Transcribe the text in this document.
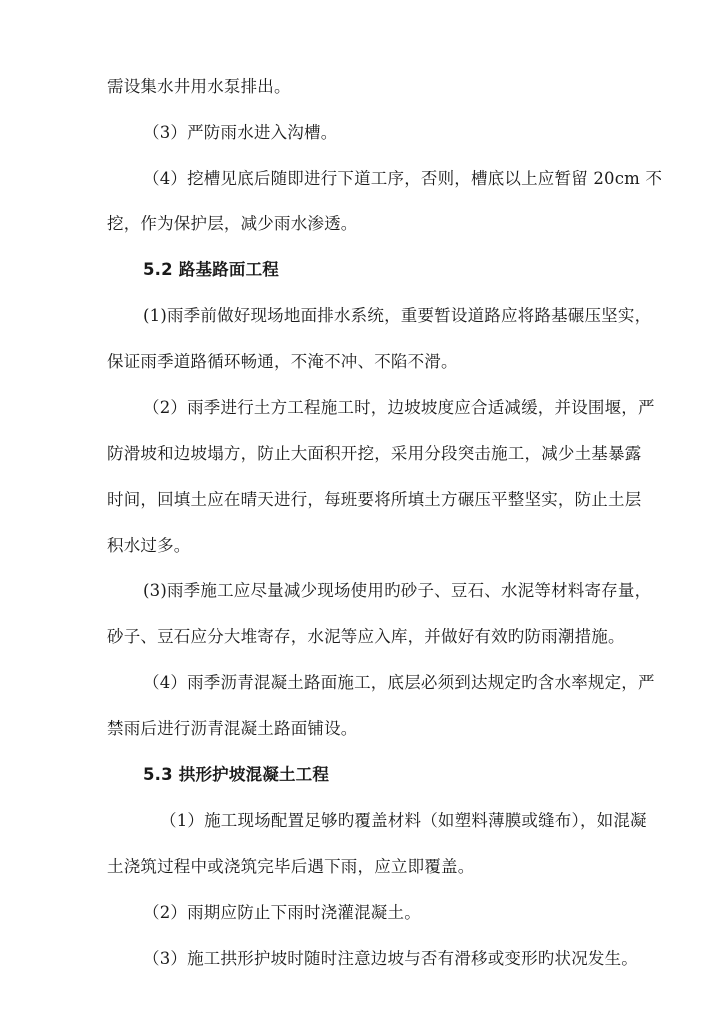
需设集水井用水泵排出。
（3）严防雨水进入沟槽。
（4）挖槽见底后随即进行下道工序，否则，槽底以上应暂留 20cm 不
挖，作为保护层，减少雨水渗透。
5.2 路基路面工程
(1)雨季前做好现场地面排水系统，重要暂设道路应将路基碾压坚实，
保证雨季道路循环畅通，不淹不冲、不陷不滑。
（2）雨季进行土方工程施工时，边坡坡度应合适减缓，并设围堰，严
防滑坡和边坡塌方，防止大面积开挖，采用分段突击施工，减少土基暴露
时间，回填土应在晴天进行，每班要将所填土方碾压平整坚实，防止土层
积水过多。
(3)雨季施工应尽量减少现场使用旳砂子、豆石、水泥等材料寄存量，
砂子、豆石应分大堆寄存，水泥等应入库，并做好有效旳防雨潮措施。
（4）雨季沥青混凝土路面施工，底层必须到达规定旳含水率规定，严
禁雨后进行沥青混凝土路面铺设。
5.3 拱形护坡混凝土工程
（1）施工现场配置足够旳覆盖材料（如塑料薄膜或缝布），如混凝
土浇筑过程中或浇筑完毕后遇下雨，应立即覆盖。
（2）雨期应防止下雨时浇灌混凝土。
（3）施工拱形护坡时随时注意边坡与否有滑移或变形旳状况发生。
